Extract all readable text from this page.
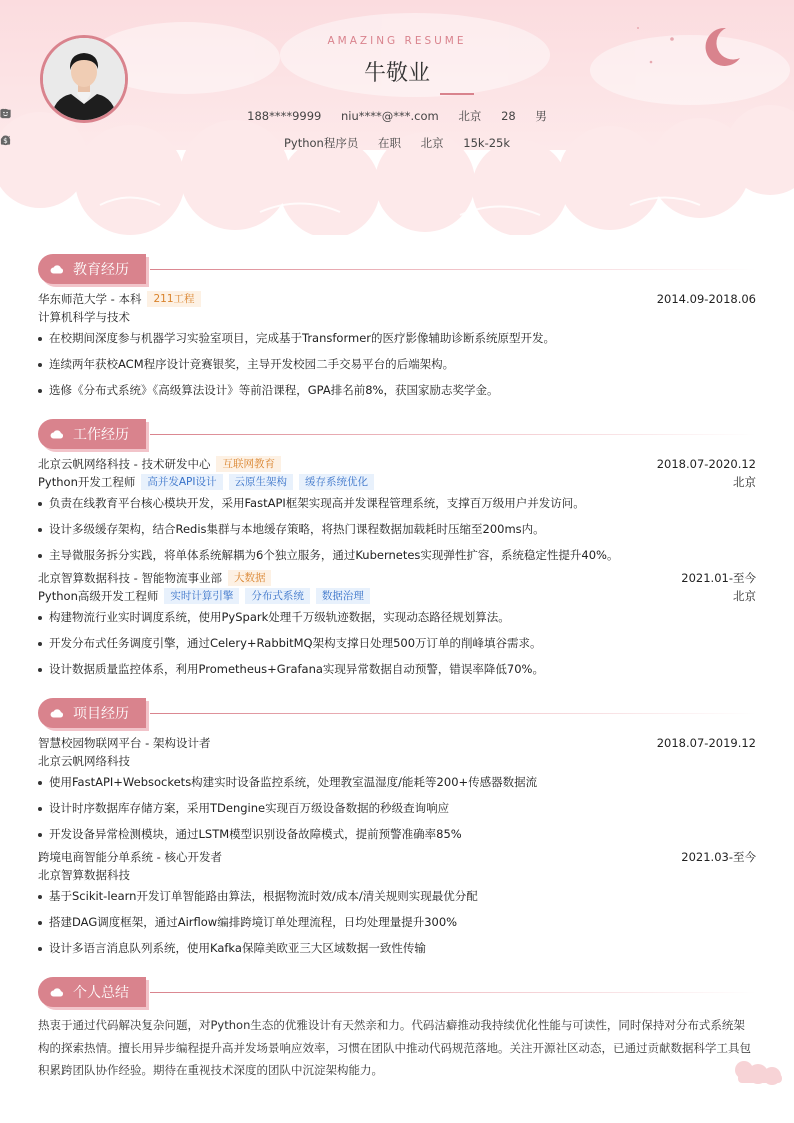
AMAZING RESUME
牛敬业
188****9999
niu****@***.com
北京
28
男
Python程序员
在职
北京

$	15k-25k
教育经历
华东师范大学 - 本科	211工程	2014.09-2018.06
计算机科学与技术
在校期间深度参与机器学习实验室项目，完成基于Transformer的医疗影像辅助诊断系统原型开发。
连续两年获校ACM程序设计竞赛银奖，主导开发校园二手交易平台的后端架构。
选修《分布式系统》《高级算法设计》等前沿课程，GPA排名前8%，获国家励志奖学金。
工作经历
北京云帆网络科技 - 技术研发中心	互联网教育	2018.07-2020.12
Python开发工程师	高并发API设计	云原生架构	缓存系统优化	北京
负责在线教育平台核心模块开发，采用FastAPI框架实现高并发课程管理系统，支撑百万级用户并发访问。
设计多级缓存架构，结合Redis集群与本地缓存策略，将热门课程数据加载耗时压缩至200ms内。
主导微服务拆分实践，将单体系统解耦为6个独立服务，通过Kubernetes实现弹性扩容，系统稳定性提升40%。
北京智算数据科技 - 智能物流事业部	大数据	2021.01-至今
Python高级开发工程师	实时计算引擎	分布式系统	数据治理	北京
构建物流行业实时调度系统，使用PySpark处理千万级轨迹数据，实现动态路径规划算法。
开发分布式任务调度引擎，通过Celery+RabbitMQ架构支撑日处理500万订单的削峰填谷需求。
设计数据质量监控体系，利用Prometheus+Grafana实现异常数据自动预警，错误率降低70%。
项目经历
智慧校园物联网平台 - 架构设计者	2018.07-2019.12
北京云帆网络科技
使用FastAPI+Websockets构建实时设备监控系统，处理教室温湿度/能耗等200+传感器数据流
设计时序数据库存储方案，采用TDengine实现百万级设备数据的秒级查询响应
开发设备异常检测模块，通过LSTM模型识别设备故障模式，提前预警准确率85%
跨境电商智能分单系统 - 核心开发者	2021.03-至今
北京智算数据科技
基于Scikit-learn开发订单智能路由算法，根据物流时效/成本/清关规则实现最优分配
搭建DAG调度框架，通过Airflow编排跨境订单处理流程，日均处理量提升300%
设计多语言消息队列系统，使用Kafka保障美欧亚三大区域数据一致性传输
个人总结
热衷于通过代码解决复杂问题，对Python生态的优雅设计有天然亲和力。代码洁癖推动我持续优化性能与可读性，同时保持对分布式系统架构的探索热情。擅长用异步编程提升高并发场景响应效率，习惯在团队中推动代码规范落地。关注开源社区动态，已通过贡献数据科学工具包积累跨团队协作经验。期待在重视技术深度的团队中沉淀架构能力。
